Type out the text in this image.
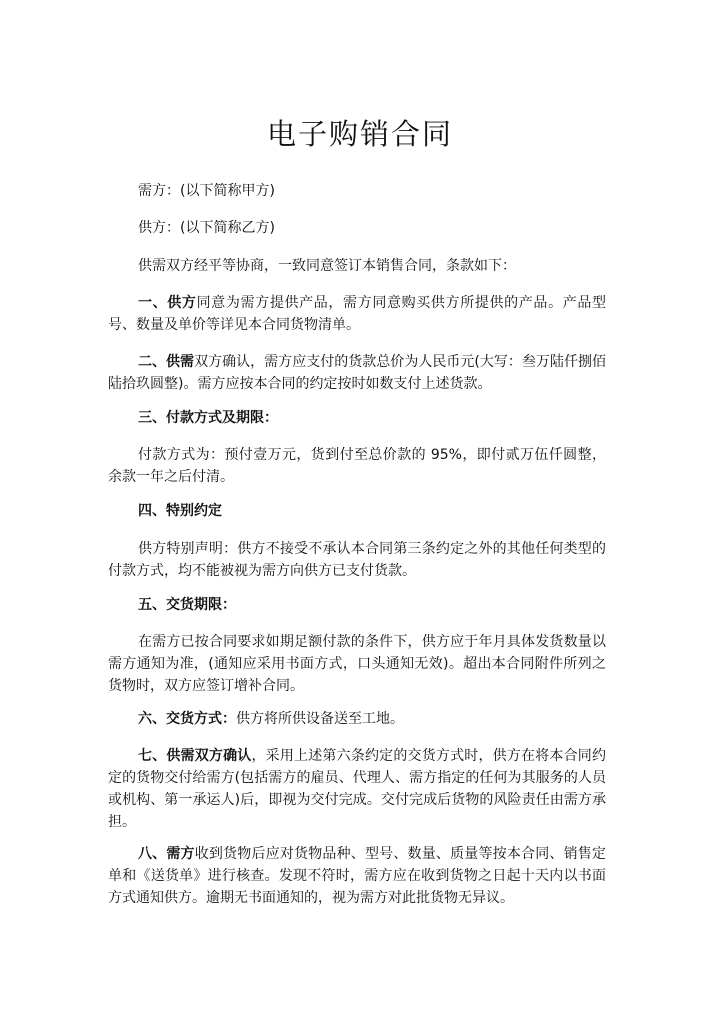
电子购销合同

需方：(以下简称甲方)

供方：(以下简称乙方)

供需双方经平等协商，一致同意签订本销售合同，条款如下：

一、供方同意为需方提供产品，需方同意购买供方所提供的产品。产品型号、数量及单价等详见本合同货物清单。

二、供需双方确认，需方应支付的货款总价为人民币元(大写：叁万陆仟捌佰陆拾玖圆整)。需方应按本合同的约定按时如数支付上述货款。

三、付款方式及期限：

付款方式为：预付壹万元，货到付至总价款的 95%，即付贰万伍仟圆整，余款一年之后付清。

四、特别约定

供方特别声明：供方不接受不承认本合同第三条约定之外的其他任何类型的付款方式，均不能被视为需方向供方已支付货款。

五、交货期限：

在需方已按合同要求如期足额付款的条件下，供方应于年月具体发货数量以需方通知为准，(通知应采用书面方式，口头通知无效)。超出本合同附件所列之货物时，双方应签订增补合同。

六、交货方式：供方将所供设备送至工地。

七、供需双方确认，采用上述第六条约定的交货方式时，供方在将本合同约定的货物交付给需方(包括需方的雇员、代理人、需方指定的任何为其服务的人员或机构、第一承运人)后，即视为交付完成。交付完成后货物的风险责任由需方承担。

八、需方收到货物后应对货物品种、型号、数量、质量等按本合同、销售定单和《送货单》进行核查。发现不符时，需方应在收到货物之日起十天内以书面方式通知供方。逾期无书面通知的，视为需方对此批货物无异议。
